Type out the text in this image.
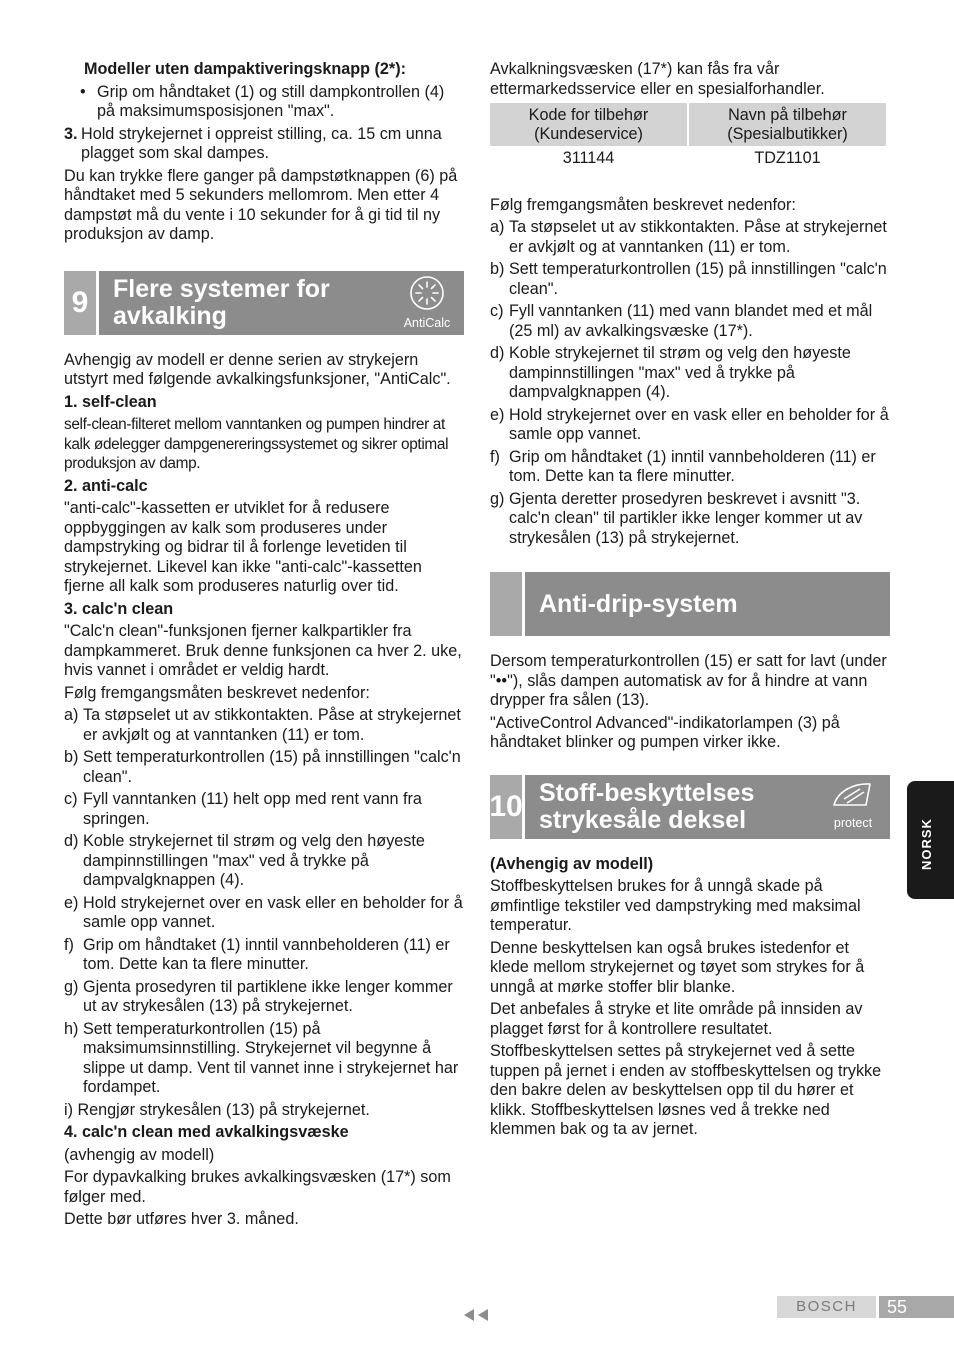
Modeller uten dampaktiveringsknapp (2*):

• Grip om håndtaket (1) og still dampkontrollen (4) på maksimumsposisjonen "max".
3. Hold strykejernet i oppreist stilling, ca. 15 cm unna plagget som skal dampes.

Du kan trykke flere ganger på dampstøtknappen (6) på håndtaket med 5 sekunders mellomrom. Men etter 4 dampstøt må du vente i 10 sekunder for å gi tid til ny produksjon av damp.

9 Flere systemer for avkalking	AntiCalc

Avhengig av modell er denne serien av strykejern utstyrt med følgende avkalkingsfunksjoner, "AntiCalc".

1. self-clean

self-clean-filteret mellom vanntanken og pumpen hindrer at kalk ødelegger dampgenereringssystemet og sikrer optimal produksjon av damp.

2. anti-calc

"anti-calc"-kassetten er utviklet for å redusere oppbyggingen av kalk som produseres under dampstryking og bidrar til å forlenge levetiden til strykejernet. Likevel kan ikke "anti-calc"-kassetten fjerne all kalk som produseres naturlig over tid.

3. calc'n clean

"Calc'n clean"-funksjonen fjerner kalkpartikler fra dampkammeret. Bruk denne funksjonen ca hver 2. uke, hvis vannet i området er veldig hardt.

Følg fremgangsmåten beskrevet nedenfor:

a) Ta støpselet ut av stikkontakten. Påse at strykejernet er avkjølt og at vanntanken (11) er tom.
b) Sett temperaturkontrollen (15) på innstillingen "calc'n clean".
c) Fyll vanntanken (11) helt opp med rent vann fra springen.
d) Koble strykejernet til strøm og velg den høyeste dampinnstillingen "max" ved å trykke på dampvalgknappen (4).
e) Hold strykejernet over en vask eller en beholder for å samle opp vannet.
f) Grip om håndtaket (1) inntil vannbeholderen (11) er tom. Dette kan ta flere minutter.
g) Gjenta prosedyren til partiklene ikke lenger kommer ut av strykesålen (13) på strykejernet.
h) Sett temperaturkontrollen (15) på maksimumsinnstilling. Strykejernet vil begynne å slippe ut damp. Vent til vannet inne i strykejernet har fordampet.

i) Rengjør strykesålen (13) på strykejernet.

4. calc'n clean med avkalkingsvæske

(avhengig av modell)

For dypavkalking brukes avkalkingsvæsken (17*) som følger med.

Dette bør utføres hver 3. måned.

Avkalkningsvæsken (17*) kan fås fra vår ettermarkedsservice eller en spesialforhandler.

Kode for tilbehør (Kundeservice)	Navn på tilbehør (Spesialbutikker)
311144	TDZ1101

Følg fremgangsmåten beskrevet nedenfor:

a) Ta støpselet ut av stikkontakten. Påse at strykejernet er avkjølt og at vanntanken (11) er tom.
b) Sett temperaturkontrollen (15) på innstillingen "calc'n clean".
c) Fyll vanntanken (11) med vann blandet med et mål (25 ml) av avkalkingsvæske (17*).
d) Koble strykejernet til strøm og velg den høyeste dampinnstillingen "max" ved å trykke på dampvalgknappen (4).
e) Hold strykejernet over en vask eller en beholder for å samle opp vannet.
f) Grip om håndtaket (1) inntil vannbeholderen (11) er tom. Dette kan ta flere minutter.
g) Gjenta deretter prosedyren beskrevet i avsnitt "3. calc'n clean" til partikler ikke lenger kommer ut av strykesålen (13) på strykejernet.
Anti-drip-system

Dersom temperaturkontrollen (15) er satt for lavt (under "••"), slås dampen automatisk av for å hindre at vann drypper fra sålen (13).

"ActiveControl Advanced"-indikatorlampen (3) på håndtaket blinker og pumpen virker ikke.

10 Stoff-beskyttelses strykesåle deksel	protect

(Avhengig av modell)

Stoffbeskyttelsen brukes for å unngå skade på ømfintlige tekstiler ved dampstryking med maksimal temperatur.

Denne beskyttelsen kan også brukes istedenfor et klede mellom strykejernet og tøyet som strykes for å unngå at mørke stoffer blir blanke.

Det anbefales å stryke et lite område på innsiden av plagget først for å kontrollere resultatet.

Stoffbeskyttelsen settes på strykejernet ved å sette tuppen på jernet i enden av stoffbeskyttelsen og trykke den bakre delen av beskyttelsen opp til du hører et klikk. Stoffbeskyttelsen løsnes ved å trekke ned klemmen bak og ta av jernet.

NORSK
BOSCH	55
